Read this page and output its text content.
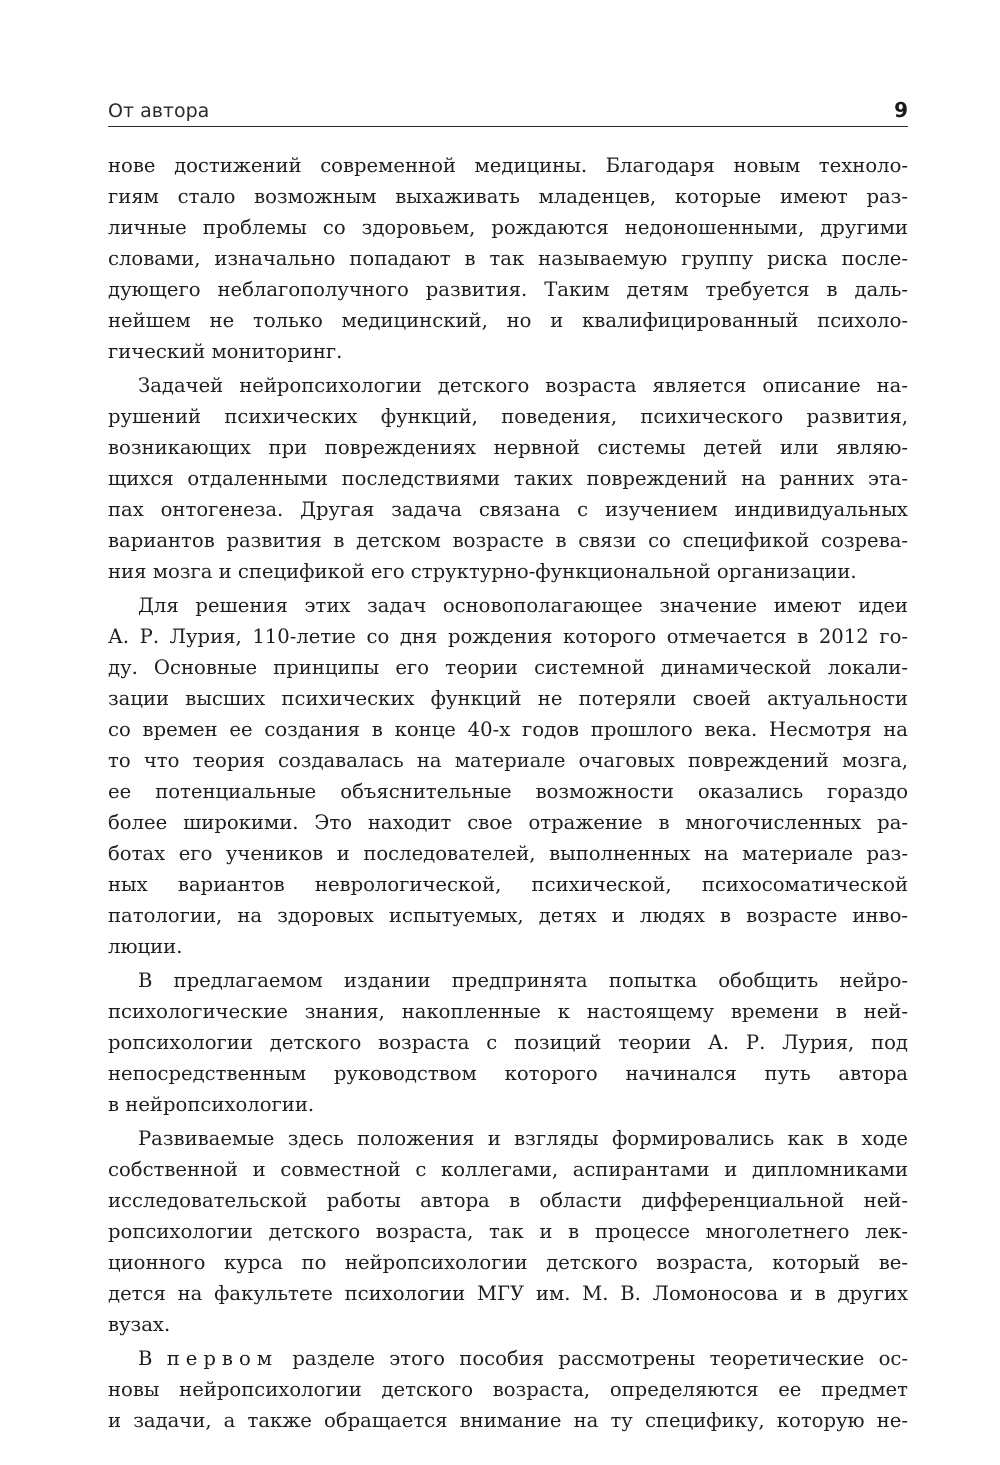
От автора	9
нове достижений современной медицины. Благодаря новым техноло-
гиям стало возможным выхаживать младенцев, которые имеют раз-
личные проблемы со здоровьем, рождаются недоношенными, другими
словами, изначально попадают в так называемую группу риска после-
дующего неблагополучного развития. Таким детям требуется в даль-
нейшем не только медицинский, но и квалифицированный психоло-
гический мониторинг.
Задачей нейропсихологии детского возраста является описание на-
рушений психических функций, поведения, психического развития,
возникающих при повреждениях нервной системы детей или являю-
щихся отдаленными последствиями таких повреждений на ранних эта-
пах онтогенеза. Другая задача связана с изучением индивидуальных
вариантов развития в детском возрасте в связи со спецификой созрева-
ния мозга и спецификой его структурно-функциональной организации.
Для решения этих задач основополагающее значение имеют идеи
А. Р. Лурия, 110-летие со дня рождения которого отмечается в 2012 го-
ду. Основные принципы его теории системной динамической локали-
зации высших психических функций не потеряли своей актуальности
со времен ее создания в конце 40-х годов прошлого века. Несмотря на
то что теория создавалась на материале очаговых повреждений мозга,
ее потенциальные объяснительные возможности оказались гораздо
более широкими. Это находит свое отражение в многочисленных ра-
ботах его учеников и последователей, выполненных на материале раз-
ных вариантов неврологической, психической, психосоматической
патологии, на здоровых испытуемых, детях и людях в возрасте инво-
люции.
В предлагаемом издании предпринята попытка обобщить нейро-
психологические знания, накопленные к настоящему времени в ней-
ропсихологии детского возраста с позиций теории А. Р. Лурия, под
непосредственным руководством которого начинался путь автора
в нейропсихологии.
Развиваемые здесь положения и взгляды формировались как в ходе
собственной и совместной с коллегами, аспирантами и дипломниками
исследовательской работы автора в области дифференциальной ней-
ропсихологии детского возраста, так и в процессе многолетнего лек-
ционного курса по нейропсихологии детского возраста, который ве-
дется на факультете психологии МГУ им. М. В. Ломоносова и в других
вузах.
В первом разделе этого пособия рассмотрены теоретические ос-
новы нейропсихологии детского возраста, определяются ее предмет
и задачи, а также обращается внимание на ту специфику, которую не-
